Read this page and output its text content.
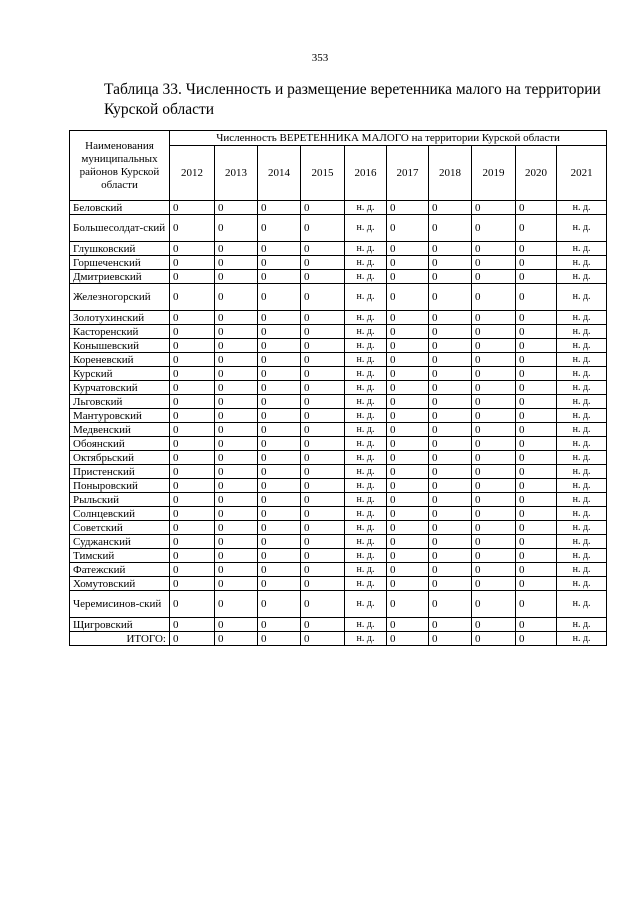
353
Таблица 33. Численность и размещение веретенника малого на территории Курской области
Наименования муниципальных районов Курской области	Численность ВЕРЕТЕННИКА МАЛОГО на территории Курской области									
	2012	2013	2014	2015	2016	2017	2018	2019	2020	2021
Беловский	0	0	0	0	н. д.	0	0	0	0	н. д.
Большесолдат-ский	0	0	0	0	н. д.	0	0	0	0	н. д.
Глушковский	0	0	0	0	н. д.	0	0	0	0	н. д.
Горшеченский	0	0	0	0	н. д.	0	0	0	0	н. д.
Дмитриевский	0	0	0	0	н. д.	0	0	0	0	н. д.
Железногорский	0	0	0	0	н. д.	0	0	0	0	н. д.
Золотухинский	0	0	0	0	н. д.	0	0	0	0	н. д.
Касторенский	0	0	0	0	н. д.	0	0	0	0	н. д.
Конышевский	0	0	0	0	н. д.	0	0	0	0	н. д.
Кореневский	0	0	0	0	н. д.	0	0	0	0	н. д.
Курский	0	0	0	0	н. д.	0	0	0	0	н. д.
Курчатовский	0	0	0	0	н. д.	0	0	0	0	н. д.
Льговский	0	0	0	0	н. д.	0	0	0	0	н. д.
Мантуровский	0	0	0	0	н. д.	0	0	0	0	н. д.
Медвенский	0	0	0	0	н. д.	0	0	0	0	н. д.
Обоянский	0	0	0	0	н. д.	0	0	0	0	н. д.
Октябрьский	0	0	0	0	н. д.	0	0	0	0	н. д.
Пристенский	0	0	0	0	н. д.	0	0	0	0	н. д.
Поныровский	0	0	0	0	н. д.	0	0	0	0	н. д.
Рыльский	0	0	0	0	н. д.	0	0	0	0	н. д.
Солнцевский	0	0	0	0	н. д.	0	0	0	0	н. д.
Советский	0	0	0	0	н. д.	0	0	0	0	н. д.
Суджанский	0	0	0	0	н. д.	0	0	0	0	н. д.
Тимский	0	0	0	0	н. д.	0	0	0	0	н. д.
Фатежский	0	0	0	0	н. д.	0	0	0	0	н. д.
Хомутовский	0	0	0	0	н. д.	0	0	0	0	н. д.
Черемисинов-ский	0	0	0	0	н. д.	0	0	0	0	н. д.
Щигровский	0	0	0	0	н. д.	0	0	0	0	н. д.
ИТОГО:	0	0	0	0	н. д.	0	0	0	0	н. д.
